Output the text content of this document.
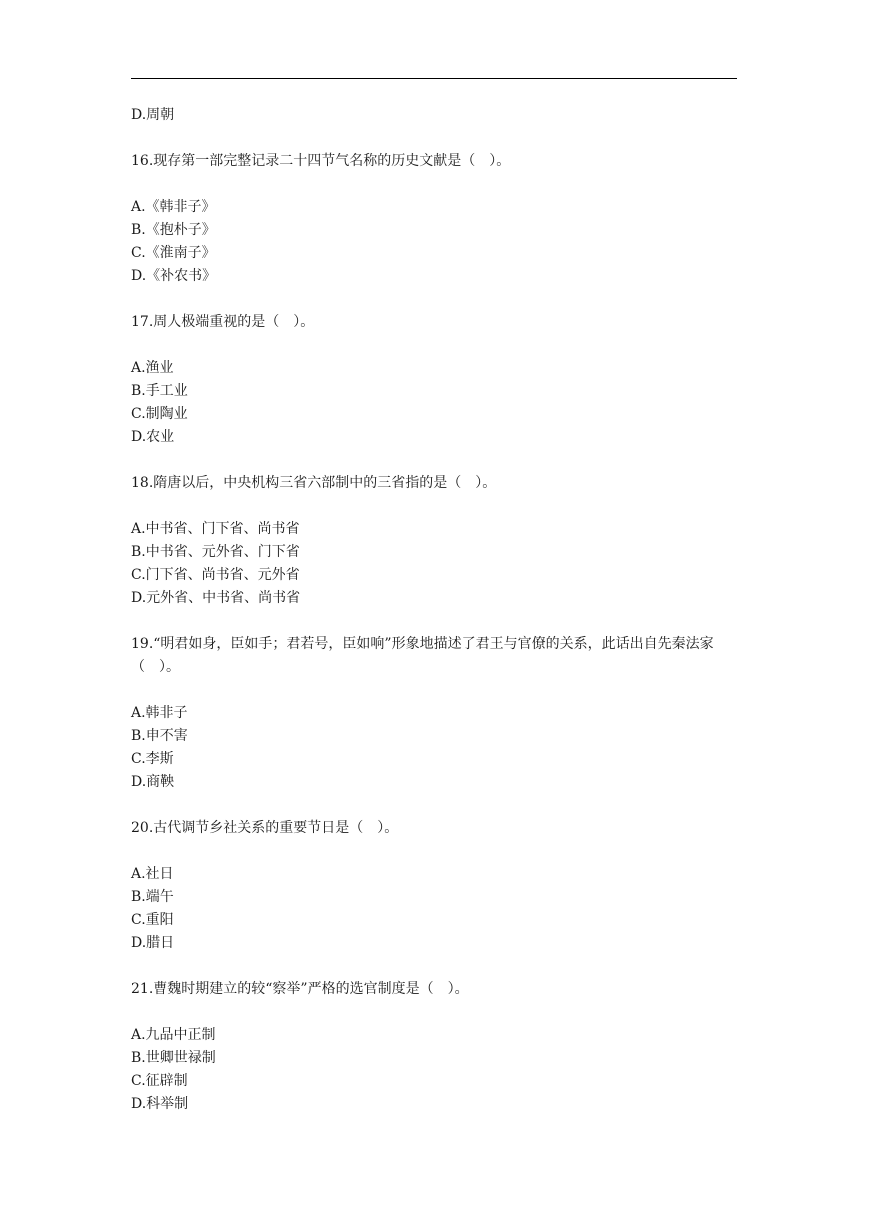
D.周朝
16.现存第一部完整记录二十四节气名称的历史文献是（　）。
A.《韩非子》
B.《抱朴子》
C.《淮南子》
D.《补农书》
17.周人极端重视的是（　）。
A.渔业
B.手工业
C.制陶业
D.农业
18.隋唐以后，中央机构三省六部制中的三省指的是（　）。
A.中书省、门下省、尚书省
B.中书省、元外省、门下省
C.门下省、尚书省、元外省
D.元外省、中书省、尚书省
19.“明君如身，臣如手；君若号，臣如响”形象地描述了君王与官僚的关系，此话出自先秦法家（　）。
A.韩非子
B.申不害
C.李斯
D.商鞅
20.古代调节乡社关系的重要节日是（　）。
A.社日
B.端午
C.重阳
D.腊日
21.曹魏时期建立的较“察举”严格的选官制度是（　）。
A.九品中正制
B.世卿世禄制
C.征辟制
D.科举制
